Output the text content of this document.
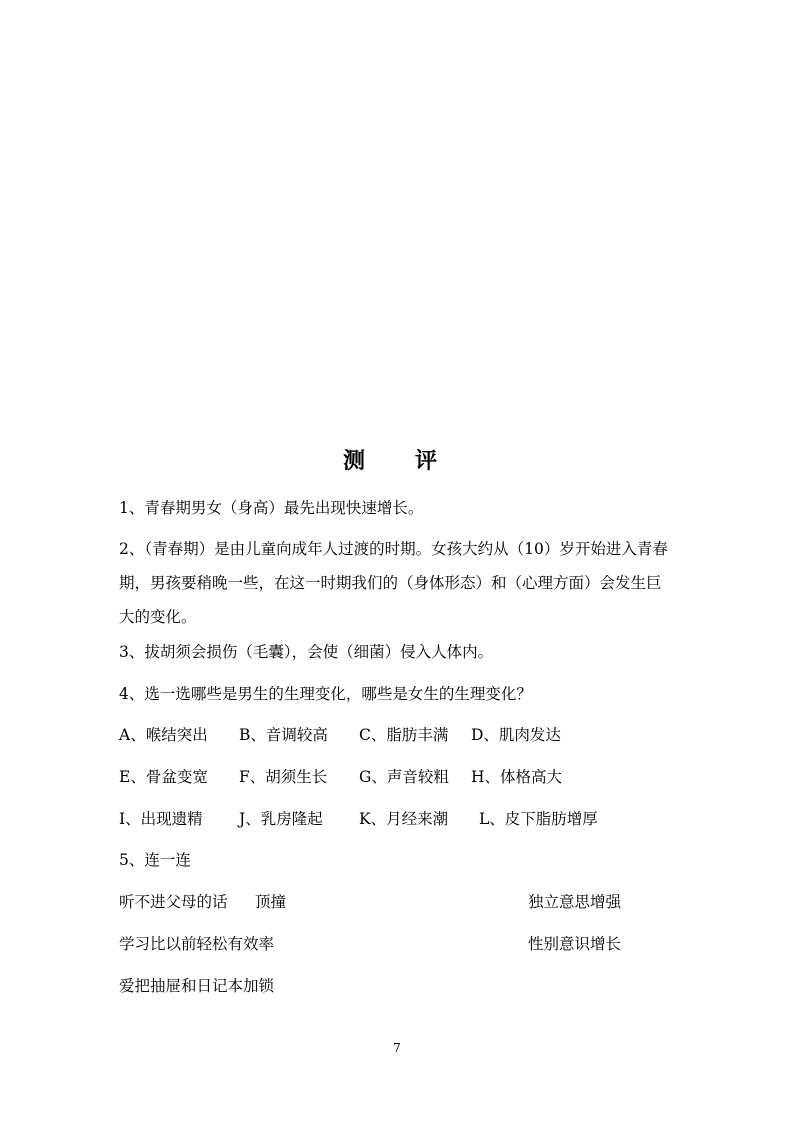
测　评
1、青春期男女（身高）最先出现快速增长。
2、（青春期）是由儿童向成年人过渡的时期。女孩大约从（10）岁开始进入青春期，男孩要稍晚一些，在这一时期我们的（身体形态）和（心理方面）会发生巨大的变化。
3、拔胡须会损伤（毛囊），会使（细菌）侵入人体内。
4、选一选哪些是男生的生理变化，哪些是女生的生理变化？
A、喉结突出 B、音调较高 C、脂肪丰满 D、肌肉发达
E、骨盆变宽 F、胡须生长 G、声音较粗 H、体格高大
I、出现遗精 J、乳房隆起 K、月经来潮 L、皮下脂肪增厚
5、连一连
听不进父母的话 顶撞	独立意思增强
学习比以前轻松有效率	性别意识增长
爱把抽屉和日记本加锁
7
